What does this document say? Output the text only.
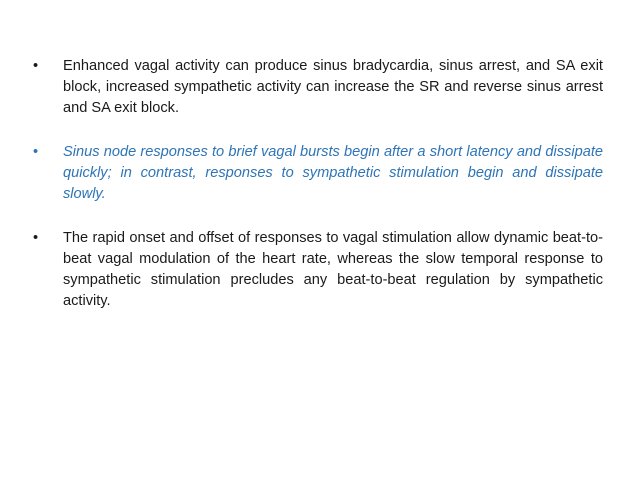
•	Enhanced vagal activity can produce sinus bradycardia, sinus arrest, and SA exit block, increased sympathetic activity can increase the SR and reverse sinus arrest and SA exit block.
•	Sinus node responses to brief vagal bursts begin after a short latency and dissipate quickly; in contrast, responses to sympathetic stimulation begin and dissipate slowly.
•	The rapid onset and offset of responses to vagal stimulation allow dynamic beat-to-beat vagal modulation of the heart rate, whereas the slow temporal response to sympathetic stimulation precludes any beat-to-beat regulation by sympathetic activity.
